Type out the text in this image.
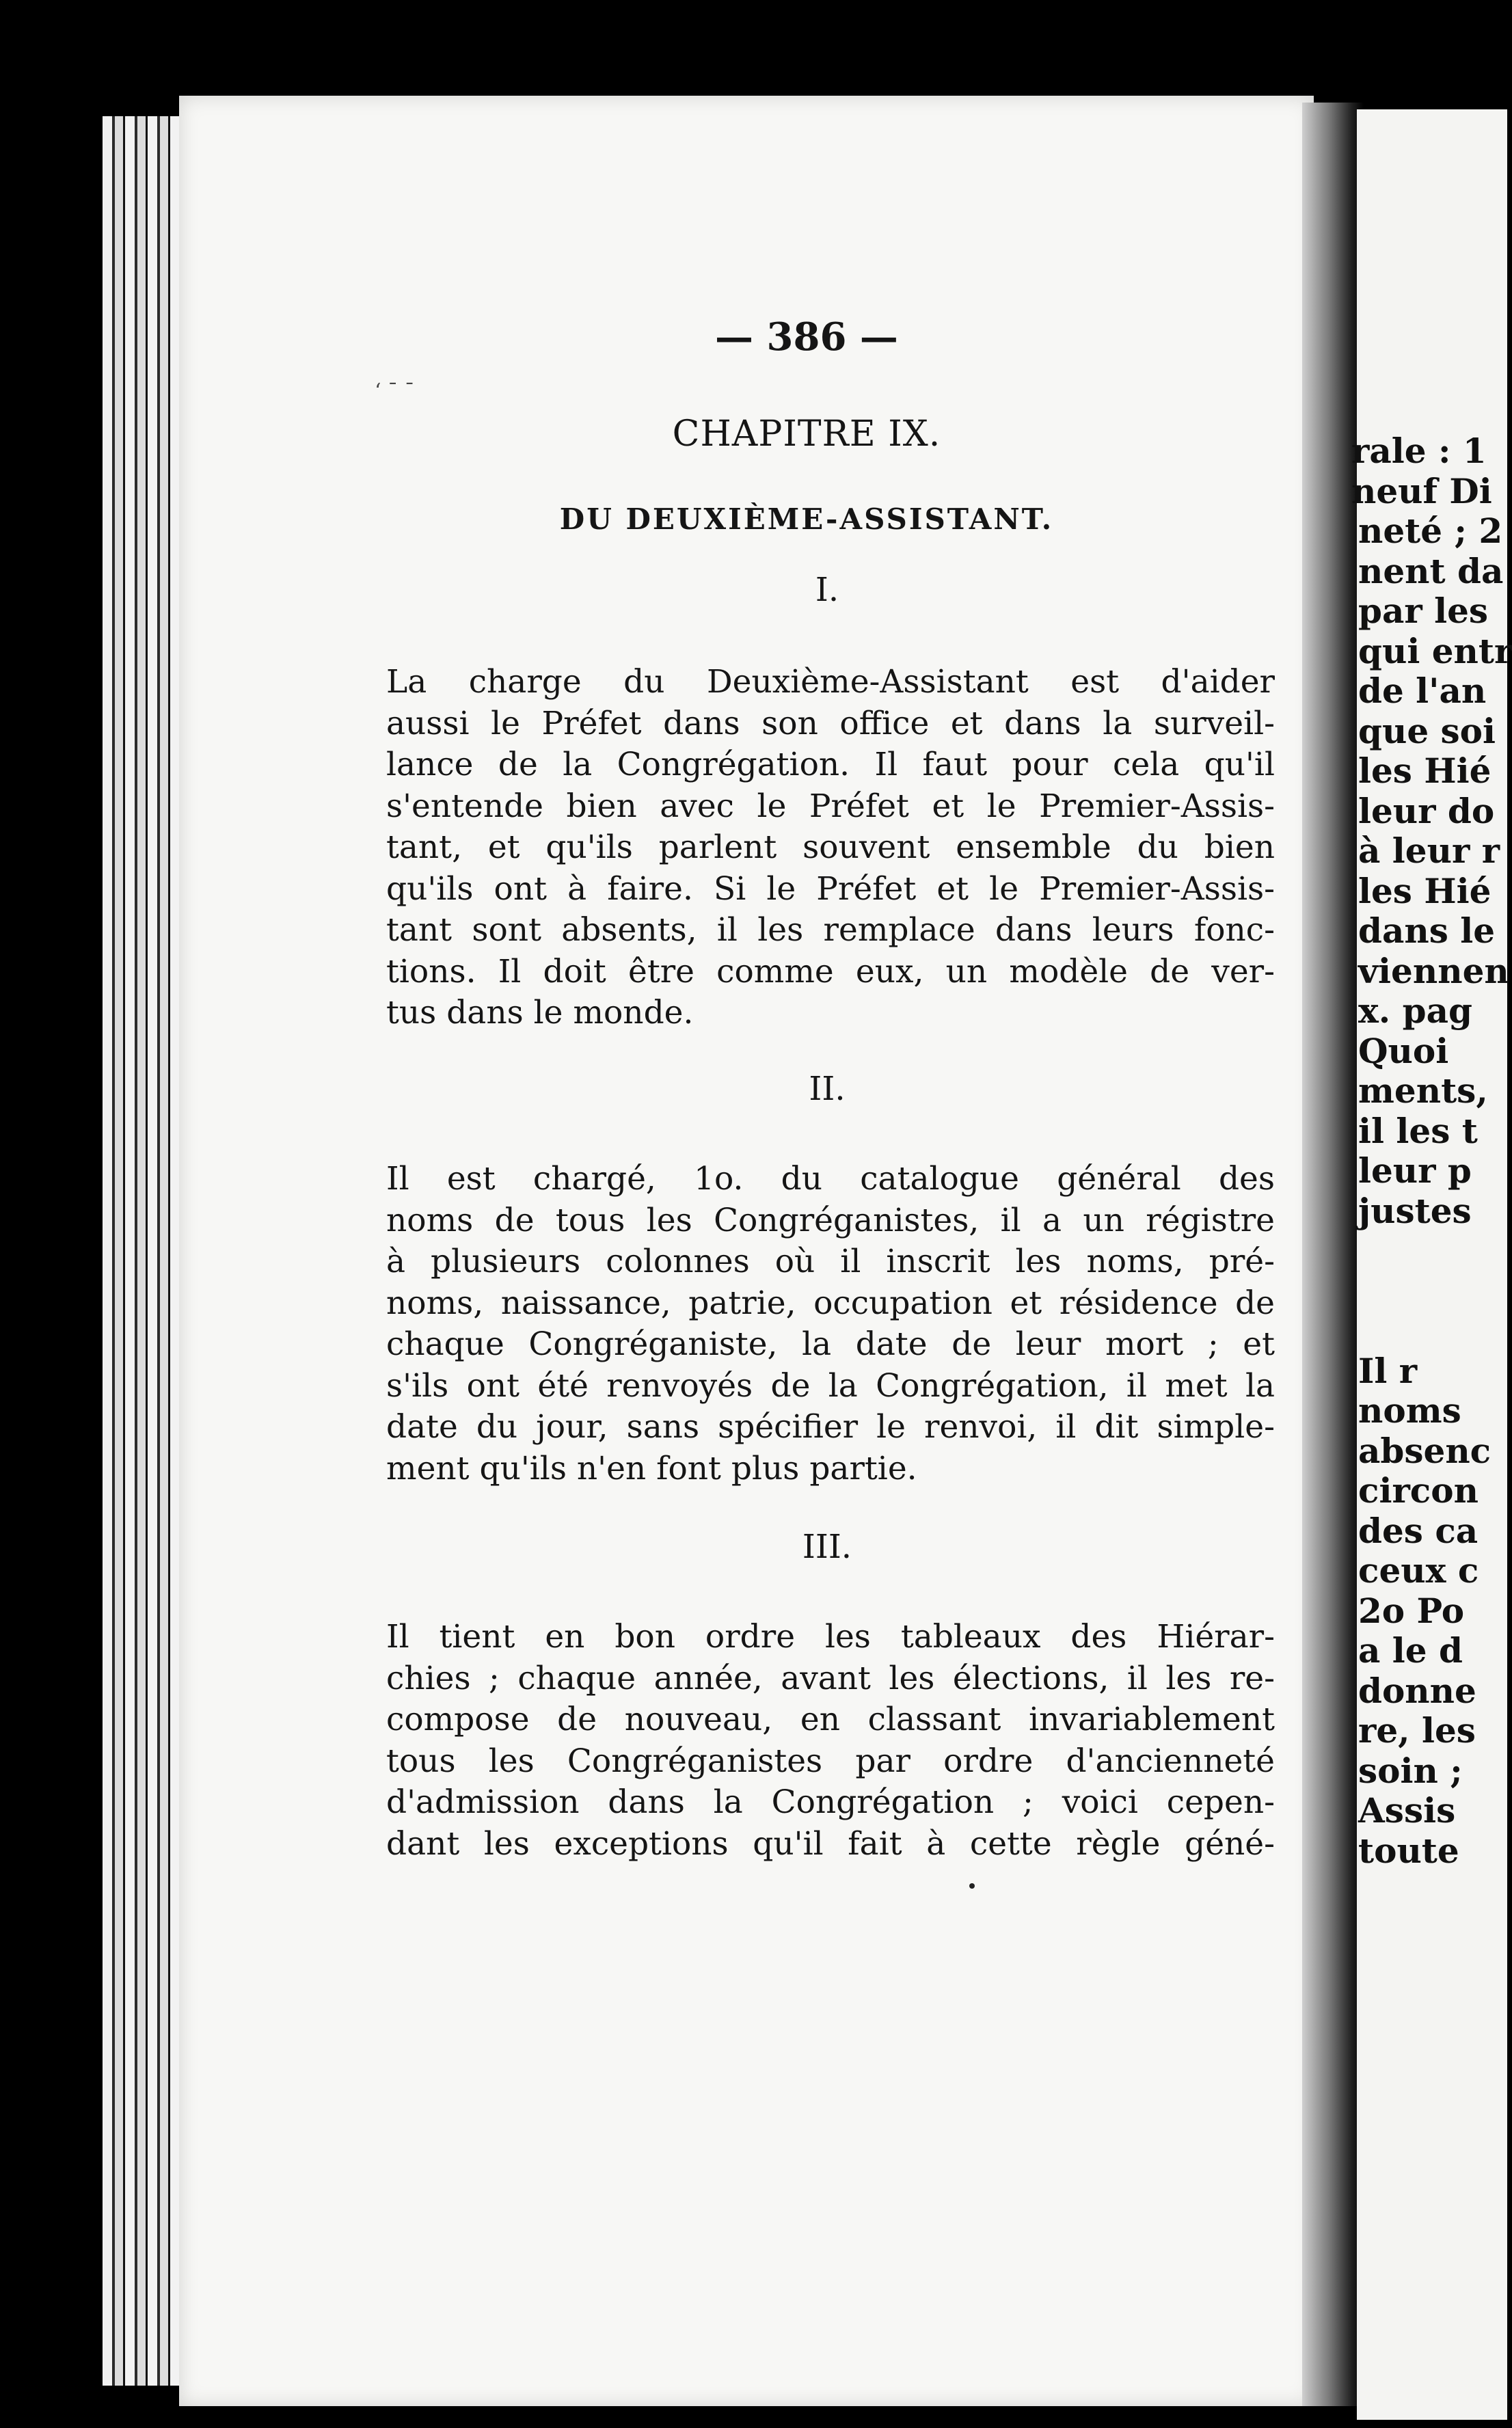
rale : 1
neuf Di
neté ; 2
nent da
par les
qui entr
de l'an
que soi
les Hié
leur do
à leur r
les Hié
dans le
viennen
x. pag
Quoi
ments,
il les t
leur p
justes
Il r
noms
absenc
circon
des ca
ceux c
2o Po
a le d
donne
re, les
soin ;
Assis
toute
ʻ ˉ ˉ
— 386 —
CHAPITRE IX.
DU DEUXIÈME-ASSISTANT.
I.
La charge du Deuxième-Assistant est d'aider
aussi le Préfet dans son office et dans la surveil-
lance de la Congrégation. Il faut pour cela qu'il
s'entende bien avec le Préfet et le Premier-Assis-
tant, et qu'ils parlent souvent ensemble du bien
qu'ils ont à faire. Si le Préfet et le Premier-Assis-
tant sont absents, il les remplace dans leurs fonc-
tions. Il doit être comme eux, un modèle de ver-
tus dans le monde.
II.
Il est chargé, 1o. du catalogue général des
noms de tous les Congréganistes, il a un régistre
à plusieurs colonnes où il inscrit les noms, pré-
noms, naissance, patrie, occupation et résidence de
chaque Congréganiste, la date de leur mort ; et
s'ils ont été renvoyés de la Congrégation, il met la
date du jour, sans spécifier le renvoi, il dit simple-
ment qu'ils n'en font plus partie.
III.
Il tient en bon ordre les tableaux des Hiérar-
chies ; chaque année, avant les élections, il les re-
compose de nouveau, en classant invariablement
tous les Congréganistes par ordre d'ancienneté
d'admission dans la Congrégation ; voici cepen-
dant les exceptions qu'il fait à cette règle géné-
